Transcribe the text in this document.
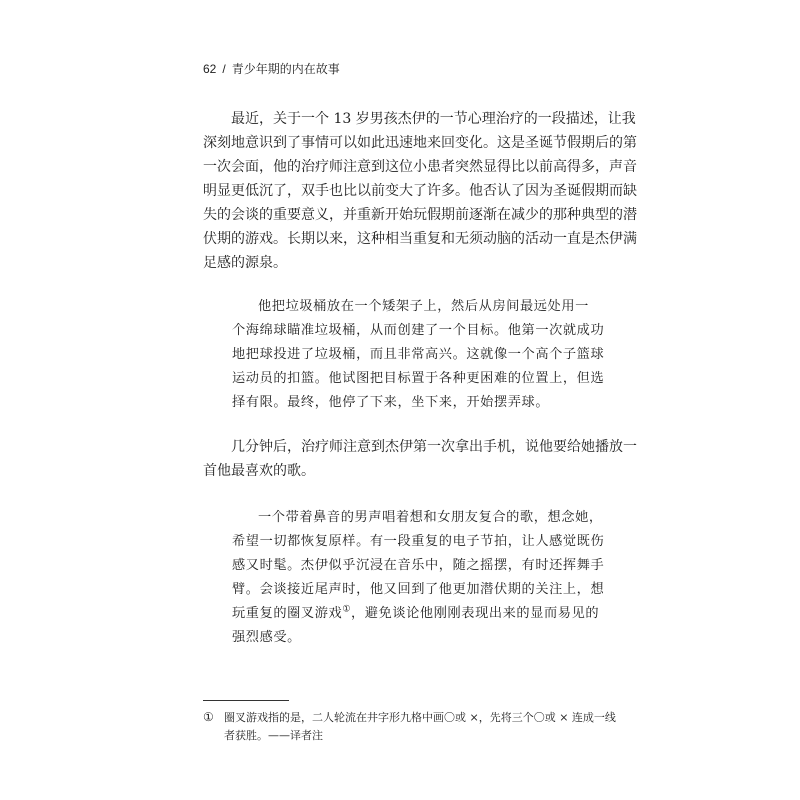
62 / 青少年期的内在故事
最近，关于一个 13 岁男孩杰伊的一节心理治疗的一段描述，让我
深刻地意识到了事情可以如此迅速地来回变化。这是圣诞节假期后的第
一次会面，他的治疗师注意到这位小患者突然显得比以前高得多，声音
明显更低沉了，双手也比以前变大了许多。他否认了因为圣诞假期而缺
失的会谈的重要意义，并重新开始玩假期前逐渐在减少的那种典型的潜
伏期的游戏。长期以来，这种相当重复和无须动脑的活动一直是杰伊满
足感的源泉。
他把垃圾桶放在一个矮架子上，然后从房间最远处用一
个海绵球瞄准垃圾桶，从而创建了一个目标。他第一次就成功
地把球投进了垃圾桶，而且非常高兴。这就像一个高个子篮球
运动员的扣篮。他试图把目标置于各种更困难的位置上，但选
择有限。最终，他停了下来，坐下来，开始摆弄球。
几分钟后，治疗师注意到杰伊第一次拿出手机，说他要给她播放一
首他最喜欢的歌。
一个带着鼻音的男声唱着想和女朋友复合的歌，想念她，
希望一切都恢复原样。有一段重复的电子节拍，让人感觉既伤
感又时髦。杰伊似乎沉浸在音乐中，随之摇摆，有时还挥舞手
臂。会谈接近尾声时，他又回到了他更加潜伏期的关注上，想
玩重复的圈叉游戏①，避免谈论他刚刚表现出来的显而易见的
强烈感受。
① 圈叉游戏指的是，二人轮流在井字形九格中画〇或 ×，先将三个〇或 × 连成一线
者获胜。——译者注
